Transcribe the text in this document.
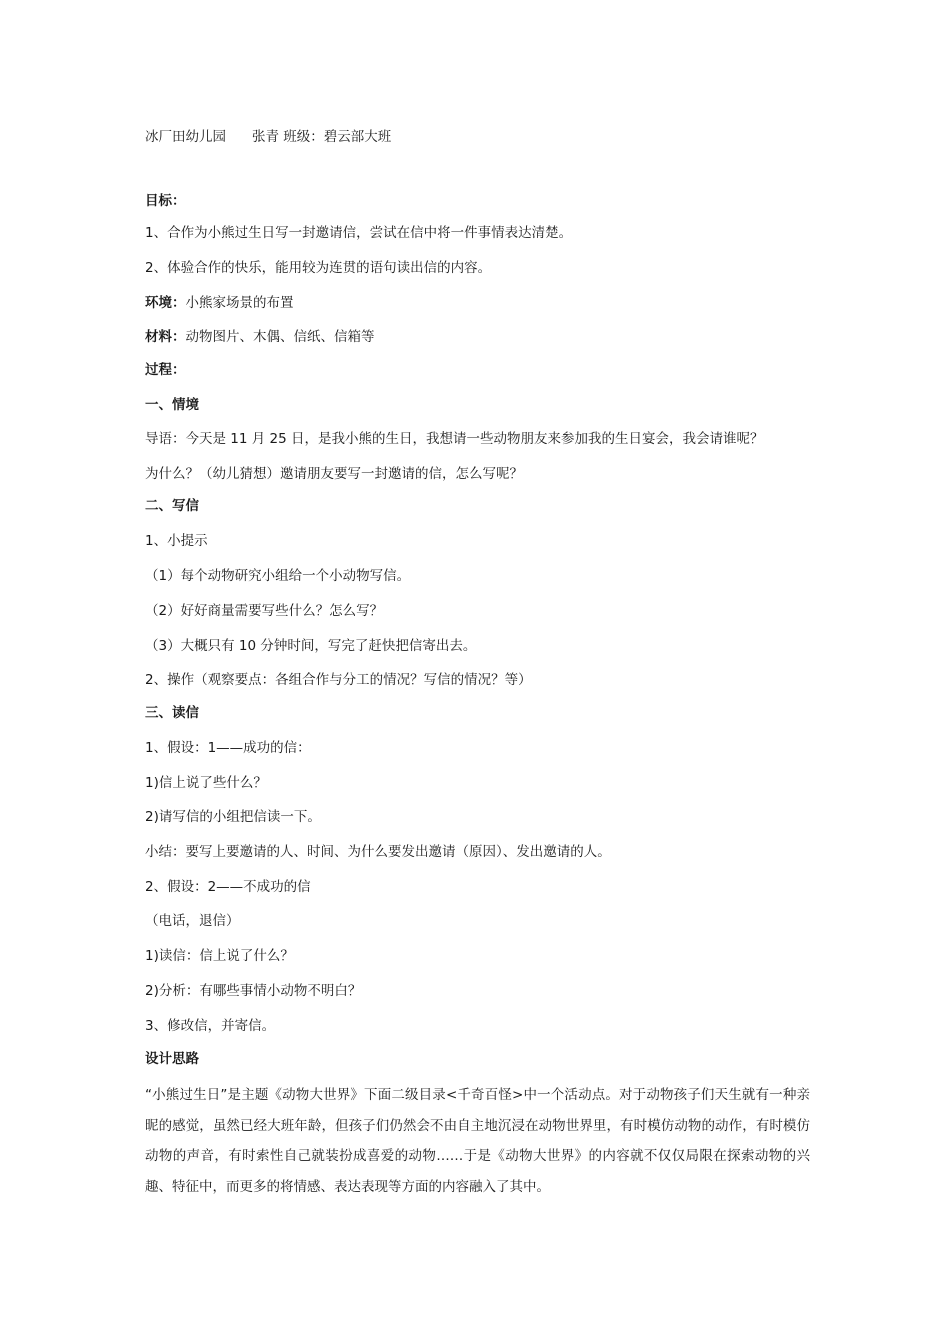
冰厂田幼儿园 张青 班级：碧云部大班
目标：
1、合作为小熊过生日写一封邀请信，尝试在信中将一件事情表达清楚。
2、体验合作的快乐，能用较为连贯的语句读出信的内容。
环境：小熊家场景的布置
材料：动物图片、木偶、信纸、信箱等
过程：
一、情境
导语：今天是 11 月 25 日，是我小熊的生日，我想请一些动物朋友来参加我的生日宴会，我会请谁呢？
为什么？（幼儿猜想）邀请朋友要写一封邀请的信，怎么写呢？
二、写信
1、小提示
（1）每个动物研究小组给一个小动物写信。
（2）好好商量需要写些什么？怎么写？
（3）大概只有 10 分钟时间，写完了赶快把信寄出去。
2、操作（观察要点：各组合作与分工的情况？写信的情况？等）
三、读信
1、假设：1——成功的信：
1)信上说了些什么？
2)请写信的小组把信读一下。
小结：要写上要邀请的人、时间、为什么要发出邀请（原因）、发出邀请的人。
2、假设：2——不成功的信
（电话，退信）
1)读信：信上说了什么？
2)分析：有哪些事情小动物不明白？
3、修改信，并寄信。
设计思路
“小熊过生日”是主题《动物大世界》下面二级目录<千奇百怪>中一个活动点。对于动物孩子们天生就有一种亲昵的感觉，虽然已经大班年龄，但孩子们仍然会不由自主地沉浸在动物世界里，有时模仿动物的动作，有时模仿动物的声音，有时索性自己就装扮成喜爱的动物……于是《动物大世界》的内容就不仅仅局限在探索动物的兴趣、特征中，而更多的将情感、表达表现等方面的内容融入了其中。
